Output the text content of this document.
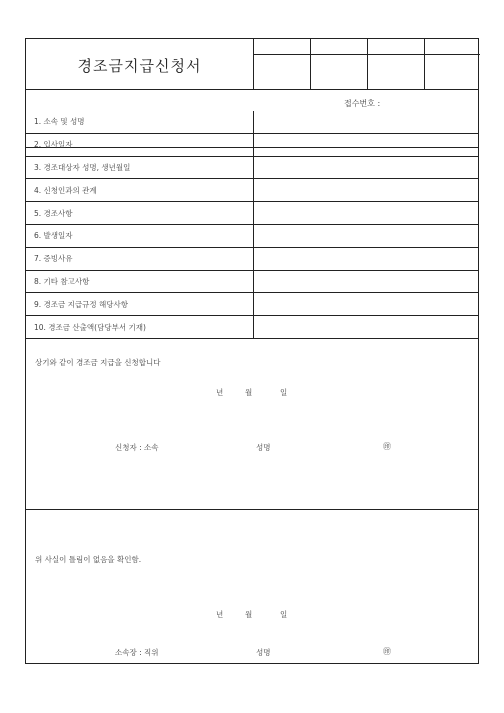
경조금지급신청서
접수번호 :
1. 소속 및 성명
2. 입사일자
3. 경조대상자 성명, 생년월일
4. 신청인과의 관계
5. 경조사항
6. 발생일자
7. 증빙사유
8. 기타 참고사항
9. 경조금 지급규정 해당사항
10. 경조금 산출액(담당부서 기재)
상기와 같이 경조금 지급을 신청합니다
년	월	일
신청자 : 소속	성명	㊞
위 사실이 틀림이 없음을 확인함.
년	월	일
소속장 : 직위	성명	㊞
